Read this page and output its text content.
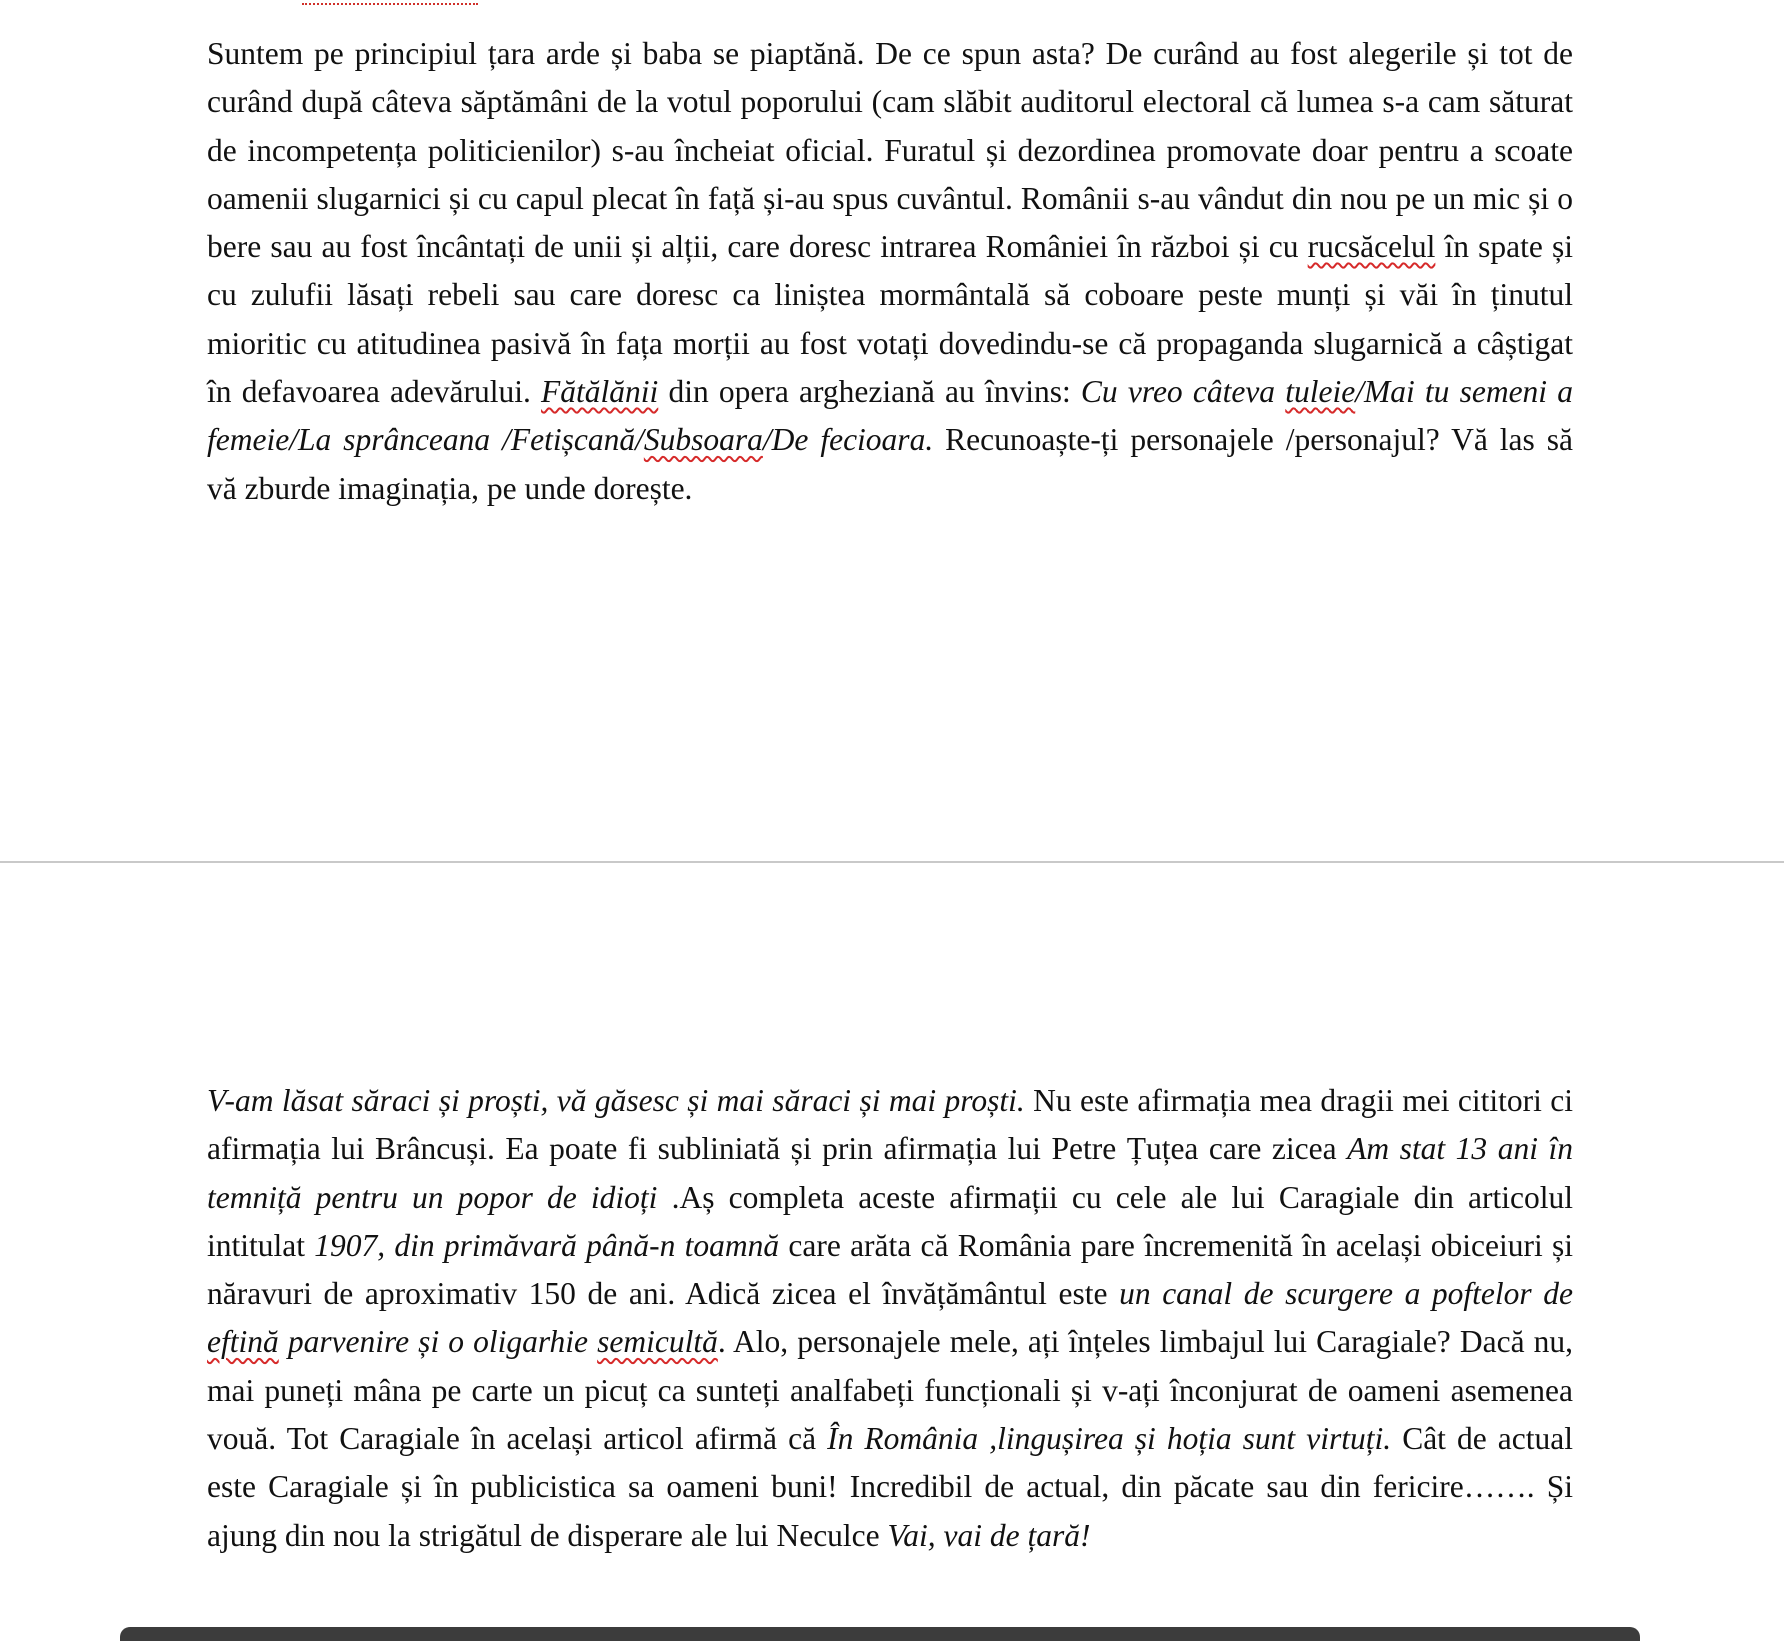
Suntem pe principiul țara arde și baba se piaptănă. De ce spun asta? De curând au fost alegerile și tot de curând după câteva săptămâni de la votul poporului (cam slăbit auditorul electoral că lumea s-a cam săturat de incompetența politicienilor) s-au încheiat oficial. Furatul și dezordinea promovate doar pentru a scoate oamenii slugarnici și cu capul plecat în față și-au spus cuvântul. Românii s-au vândut din nou pe un mic și o bere sau au fost încântați de unii și alții, care doresc intrarea României în război și cu rucsăcelul în spate și cu zulufii lăsați rebeli sau care doresc ca liniștea mormântală să coboare peste munți și văi în ținutul mioritic cu atitudinea pasivă în fața morții au fost votați dovedindu-se că propaganda slugarnică a câștigat în defavoarea adevărului. Fătălănii din opera argheziană au învins: Cu vreo câteva tuleie/Mai tu semeni a femeie/La sprânceana /Fetișcană/Subsoara/De fecioara. Recunoaște-ți personajele /personajul? Vă las să vă zburde imaginația, pe unde dorește.
V-am lăsat săraci și proști, vă găsesc și mai săraci și mai proști. Nu este afirmația mea dragii mei cititori ci afirmația lui Brâncuși. Ea poate fi subliniată și prin afirmația lui Petre Țuțea care zicea Am stat 13 ani în temniță pentru un popor de idioți .Aș completa aceste afirmații cu cele ale lui Caragiale din articolul intitulat 1907, din primăvară până-n toamnă care arăta că România pare încremenită în același obiceiuri și năravuri de aproximativ 150 de ani. Adică zicea el învățământul este un canal de scurgere a poftelor de eftină parvenire și o oligarhie semicultă. Alo, personajele mele, ați înțeles limbajul lui Caragiale? Dacă nu, mai puneți mâna pe carte un picuț ca sunteți analfabeți funcționali și v-ați înconjurat de oameni asemenea vouă. Tot Caragiale în același articol afirmă că În România ,lingușirea și hoția sunt virtuți. Cât de actual este Caragiale și în publicistica sa oameni buni! Incredibil de actual, din păcate sau din fericire……. Și ajung din nou la strigătul de disperare ale lui Neculce Vai, vai de țară!
